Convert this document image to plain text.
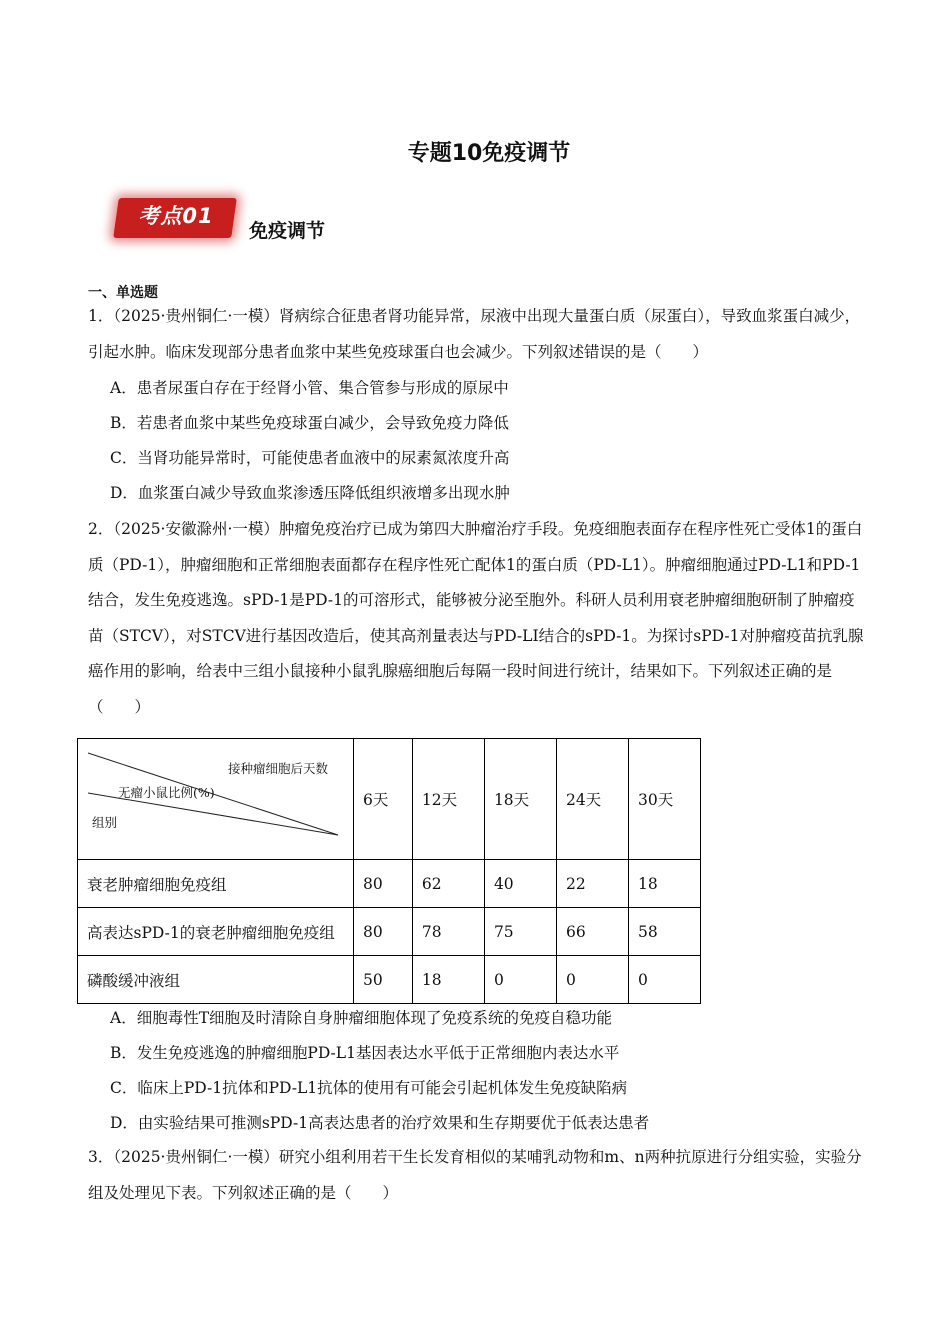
专题10免疫调节
考点01
免疫调节
一、单选题
1．（2025·贵州铜仁·一模）肾病综合征患者肾功能异常，尿液中出现大量蛋白质（尿蛋白），导致血浆蛋白减少，引起水肿。临床发现部分患者血浆中某些免疫球蛋白也会减少。下列叙述错误的是（　　）
A．患者尿蛋白存在于经肾小管、集合管参与形成的原尿中
B．若患者血浆中某些免疫球蛋白减少，会导致免疫力降低
C．当肾功能异常时，可能使患者血液中的尿素氮浓度升高
D．血浆蛋白减少导致血浆渗透压降低组织液增多出现水肿
2．（2025·安徽滁州·一模）肿瘤免疫治疗已成为第四大肿瘤治疗手段。免疫细胞表面存在程序性死亡受体1的蛋白质（PD-1），肿瘤细胞和正常细胞表面都存在程序性死亡配体1的蛋白质（PD-L1）。肿瘤细胞通过PD-L1和PD-1结合，发生免疫逃逸。sPD-1是PD-1的可溶形式，能够被分泌至胞外。科研人员利用衰老肿瘤细胞研制了肿瘤疫苗（STCV），对STCV进行基因改造后，使其高剂量表达与PD-LI结合的sPD-1。为探讨sPD-1对肿瘤疫苗抗乳腺癌作用的影响，给表中三组小鼠接种小鼠乳腺癌细胞后每隔一段时间进行统计，结果如下。下列叙述正确的是（　　）
接种瘤细胞后天数
无瘤小鼠比例(%)
组别	6天	12天	18天	24天	30天
衰老肿瘤细胞免疫组	80	62	40	22	18
高表达sPD-1的衰老肿瘤细胞免疫组	80	78	75	66	58
磷酸缓冲液组	50	18	0	0	0
A．细胞毒性T细胞及时清除自身肿瘤细胞体现了免疫系统的免疫自稳功能
B．发生免疫逃逸的肿瘤细胞PD-L1基因表达水平低于正常细胞内表达水平
C．临床上PD-1抗体和PD-L1抗体的使用有可能会引起机体发生免疫缺陷病
D．由实验结果可推测sPD-1高表达患者的治疗效果和生存期要优于低表达患者
3．（2025·贵州铜仁·一模）研究小组利用若干生长发育相似的某哺乳动物和m、n两种抗原进行分组实验，实验分组及处理见下表。下列叙述正确的是（　　）
